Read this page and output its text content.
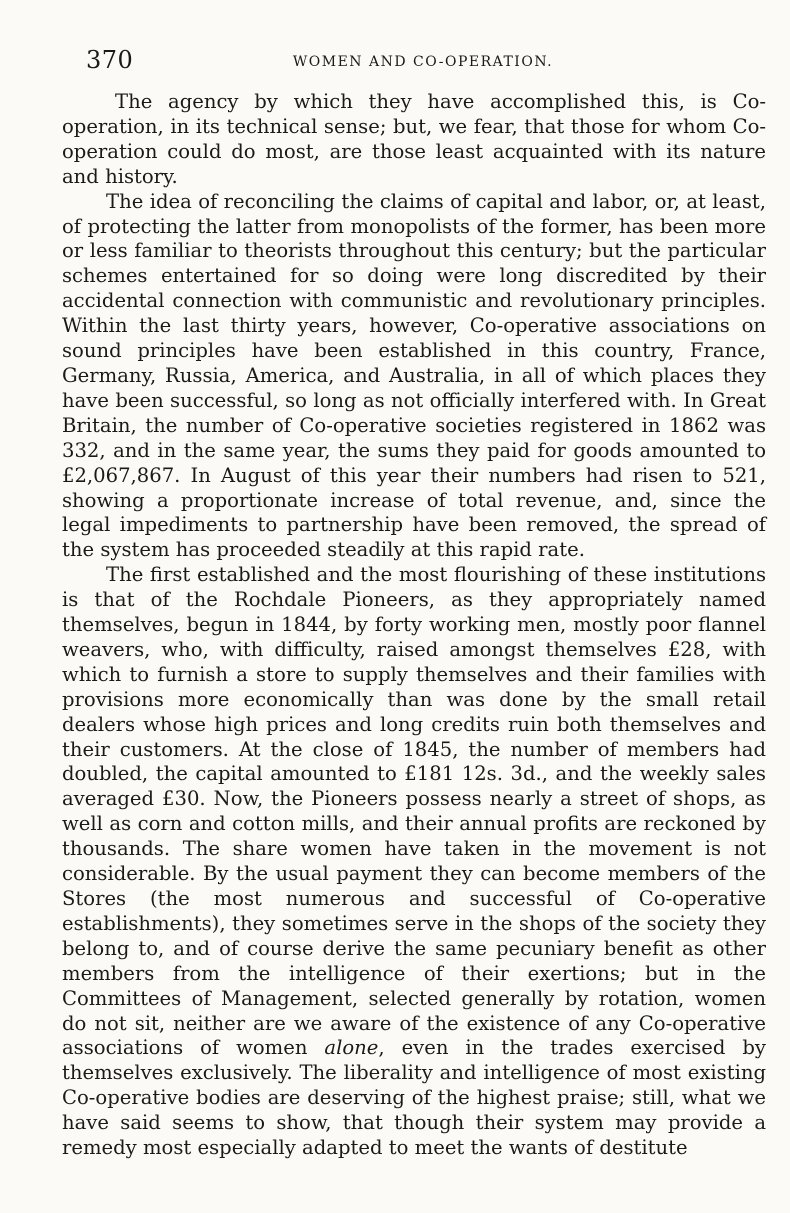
370	WOMEN AND CO-OPERATION.

The agency by which they have accomplished this, is Co-operation, in its technical sense; but, we fear, that those for whom Co-operation could do most, are those least acquainted with its nature and history.

The idea of reconciling the claims of capital and labor, or, at least, of protecting the latter from monopolists of the former, has been more or less familiar to theorists throughout this century; but the particular schemes entertained for so doing were long discredited by their accidental connection with communistic and revolutionary principles. Within the last thirty years, however, Co-operative associations on sound principles have been established in this country, France, Germany, Russia, America, and Australia, in all of which places they have been successful, so long as not officially interfered with. In Great Britain, the number of Co-operative societies registered in 1862 was 332, and in the same year, the sums they paid for goods amounted to £2,067,867. In August of this year their numbers had risen to 521, showing a proportionate increase of total revenue, and, since the legal impediments to partnership have been removed, the spread of the system has proceeded steadily at this rapid rate.

The first established and the most flourishing of these institutions is that of the Rochdale Pioneers, as they appropriately named themselves, begun in 1844, by forty working men, mostly poor flannel weavers, who, with difficulty, raised amongst themselves £28, with which to furnish a store to supply themselves and their families with provisions more economically than was done by the small retail dealers whose high prices and long credits ruin both themselves and their customers. At the close of 1845, the number of members had doubled, the capital amounted to £181 12s. 3d., and the weekly sales averaged £30. Now, the Pioneers possess nearly a street of shops, as well as corn and cotton mills, and their annual profits are reckoned by thousands. The share women have taken in the movement is not considerable. By the usual payment they can become members of the Stores (the most numerous and successful of Co-operative establishments), they sometimes serve in the shops of the society they belong to, and of course derive the same pecuniary benefit as other members from the intelligence of their exertions; but in the Committees of Management, selected generally by rotation, women do not sit, neither are we aware of the existence of any Co-operative associations of women alone, even in the trades exercised by themselves exclusively. The liberality and intelligence of most existing Co-operative bodies are deserving of the highest praise; still, what we have said seems to show, that though their system may provide a remedy most especially adapted to meet the wants of destitute
